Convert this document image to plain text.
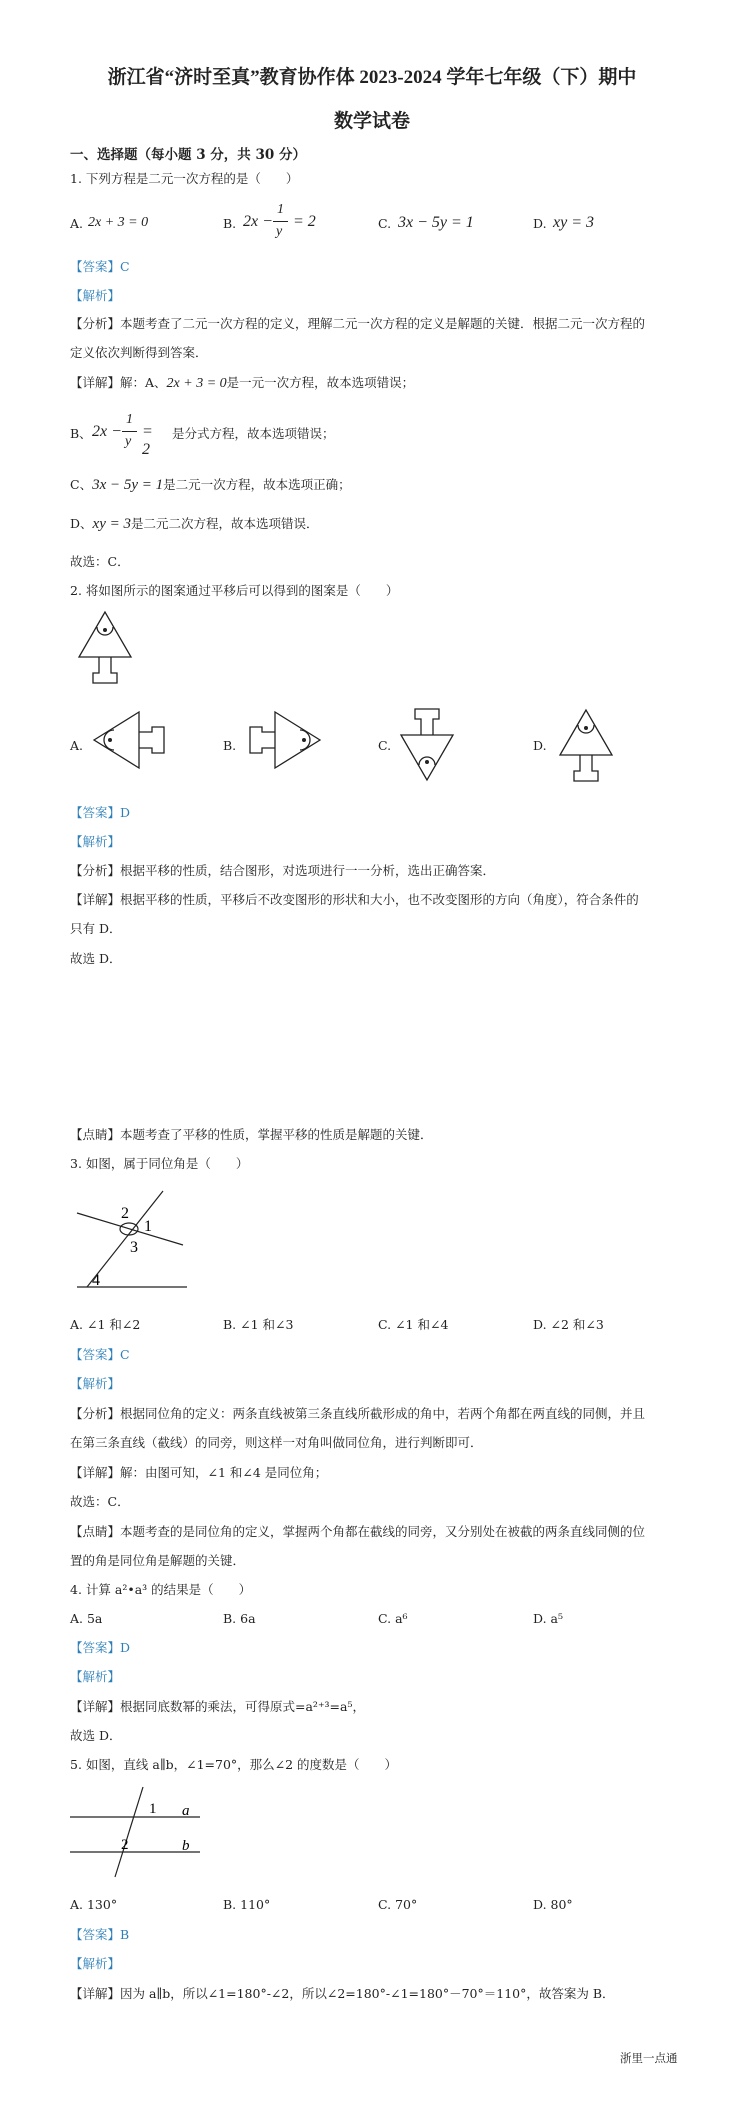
浙江省“济时至真”教育协作体 2023-2024 学年七年级（下）期中
数学试卷
一、选择题（每小题 3 分，共 30 分）
1. 下列方程是二元一次方程的是（　　）
A. 2x + 3 = 0	B. 2x −
1
y
= 2	C. 3x − 5y = 1	D. xy = 3
【答案】C
【解析】
【分析】本题考查了二元一次方程的定义，理解二元一次方程的定义是解题的关键．根据二元一次方程的
定义依次判断得到答案．
【详解】解：A、2x + 3 = 0是一元一次方程，故本选项错误；
B、 2x −
1
y
= 2
是分式方程，故本选项错误；
C、3x − 5y = 1是二元一次方程，故本选项正确；
D、xy = 3是二元二次方程，故本选项错误．
故选：C．
2. 将如图所示的图案通过平移后可以得到的图案是（　　）
A.	B.	C.	D.
【答案】D
【解析】
【分析】根据平移的性质，结合图形，对选项进行一一分析，选出正确答案．
【详解】根据平移的性质，平移后不改变图形的形状和大小，也不改变图形的方向（角度），符合条件的
只有 D．
故选 D．
【点睛】本题考查了平移的性质，掌握平移的性质是解题的关键．
3. 如图，属于同位角是（　　）
2
1
3
4
A. ∠1 和∠2	B. ∠1 和∠3	C. ∠1 和∠4	D. ∠2 和∠3
【答案】C
【解析】
【分析】根据同位角的定义：两条直线被第三条直线所截形成的角中，若两个角都在两直线的同侧，并且
在第三条直线（截线）的同旁，则这样一对角叫做同位角，进行判断即可．
【详解】解：由图可知，∠1 和∠4 是同位角；
故选：C．
【点睛】本题考查的是同位角的定义，掌握两个角都在截线的同旁，又分别处在被截的两条直线同侧的位
置的角是同位角是解题的关键．
4. 计算 a²•a³ 的结果是（　　）
A. 5a	B. 6a	C. a⁶	D. a⁵
【答案】D
【解析】
【详解】根据同底数幂的乘法，可得原式=a²⁺³=a⁵，
故选 D．
5. 如图，直线 a∥b，∠1=70°，那么∠2 的度数是（　　）
1 a
2	b
A. 130°	B. 110°	C. 70°	D. 80°
【答案】B
【解析】
【详解】因为 a∥b，所以∠1=180°-∠2，所以∠2=180°-∠1=180°－70°＝110°，故答案为 B．
浙里一点通
